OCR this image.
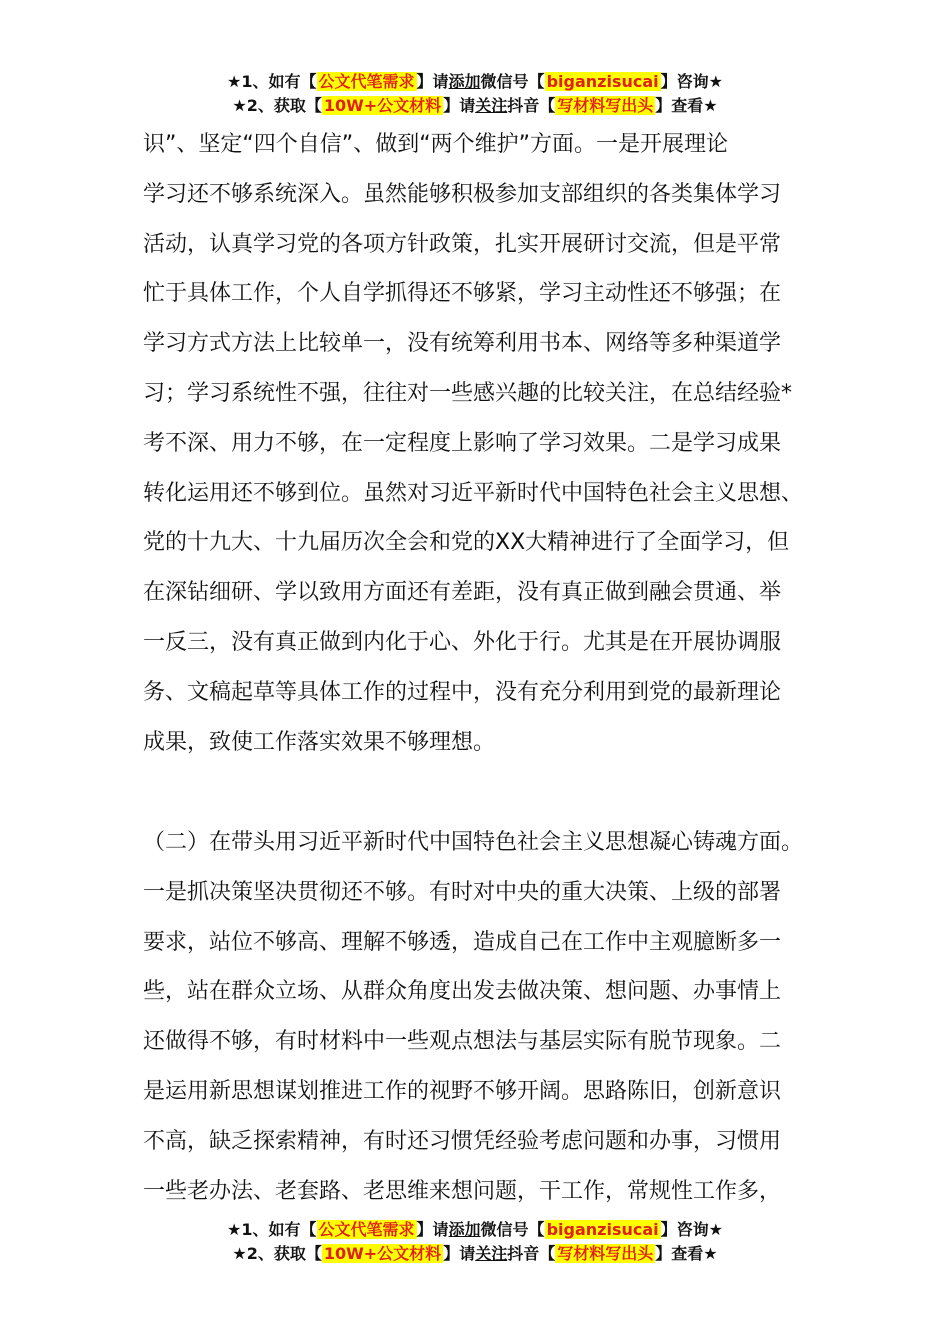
★1、如有【 公文代笔需求 】请添加微信号【 biganzisucai 】咨询★
★2、获取【 10W+公文材料 】请关注抖音【 写材料写出头 】查看★
识”、坚定“四个自信”、做到“两个维护”方面。一是开展理论
学习还不够系统深入。虽然能够积极参加支部组织的各类集体学习
活动，认真学习党的各项方针政策，扎实开展研讨交流，但是平常
忙于具体工作，个人自学抓得还不够紧，学习主动性还不够强；在
学习方式方法上比较单一，没有统筹利用书本、网络等多种渠道学
习；学习系统性不强，往往对一些感兴趣的比较关注，在总结经验*
考不深、用力不够，在一定程度上影响了学习效果。二是学习成果
转化运用还不够到位。虽然对习近平新时代中国特色社会主义思想、
党的十九大、十九届历次全会和党的XX大精神进行了全面学习，但
在深钻细研、学以致用方面还有差距，没有真正做到融会贯通、举
一反三，没有真正做到内化于心、外化于行。尤其是在开展协调服
务、文稿起草等具体工作的过程中，没有充分利用到党的最新理论
成果，致使工作落实效果不够理想。
（二）在带头用习近平新时代中国特色社会主义思想凝心铸魂方面。
一是抓决策坚决贯彻还不够。有时对中央的重大决策、上级的部署
要求，站位不够高、理解不够透，造成自己在工作中主观臆断多一
些，站在群众立场、从群众角度出发去做决策、想问题、办事情上
还做得不够，有时材料中一些观点想法与基层实际有脱节现象。二
是运用新思想谋划推进工作的视野不够开阔。思路陈旧，创新意识
不高，缺乏探索精神，有时还习惯凭经验考虑问题和办事，习惯用
一些老办法、老套路、老思维来想问题，干工作，常规性工作多，
★1、如有【 公文代笔需求 】请添加微信号【 biganzisucai 】咨询★
★2、获取【 10W+公文材料 】请关注抖音【 写材料写出头 】查看★
